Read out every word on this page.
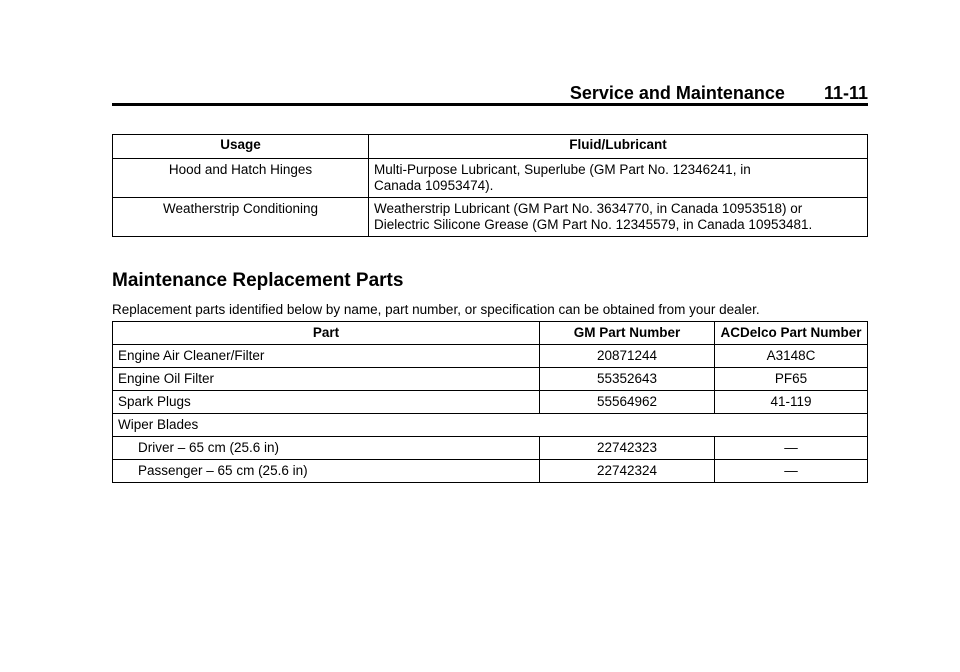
Service and Maintenance 11-11
Usage	Fluid/Lubricant
Hood and Hatch Hinges	Multi-Purpose Lubricant, Superlube (GM Part No. 12346241, in
Canada 10953474).
Weatherstrip Conditioning	Weatherstrip Lubricant (GM Part No. 3634770, in Canada 10953518) or
Dielectric Silicone Grease (GM Part No. 12345579, in Canada 10953481.
Maintenance Replacement Parts
Replacement parts identified below by name, part number, or specification can be obtained from your dealer.
Part	GM Part Number	ACDelco Part Number
Engine Air Cleaner/Filter	20871244	A3148C
Engine Oil Filter	55352643	PF65
Spark Plugs	55564962	41-119
Wiper Blades		
Driver – 65 cm (25.6 in)	22742323	—
Passenger – 65 cm (25.6 in)	22742324	—
